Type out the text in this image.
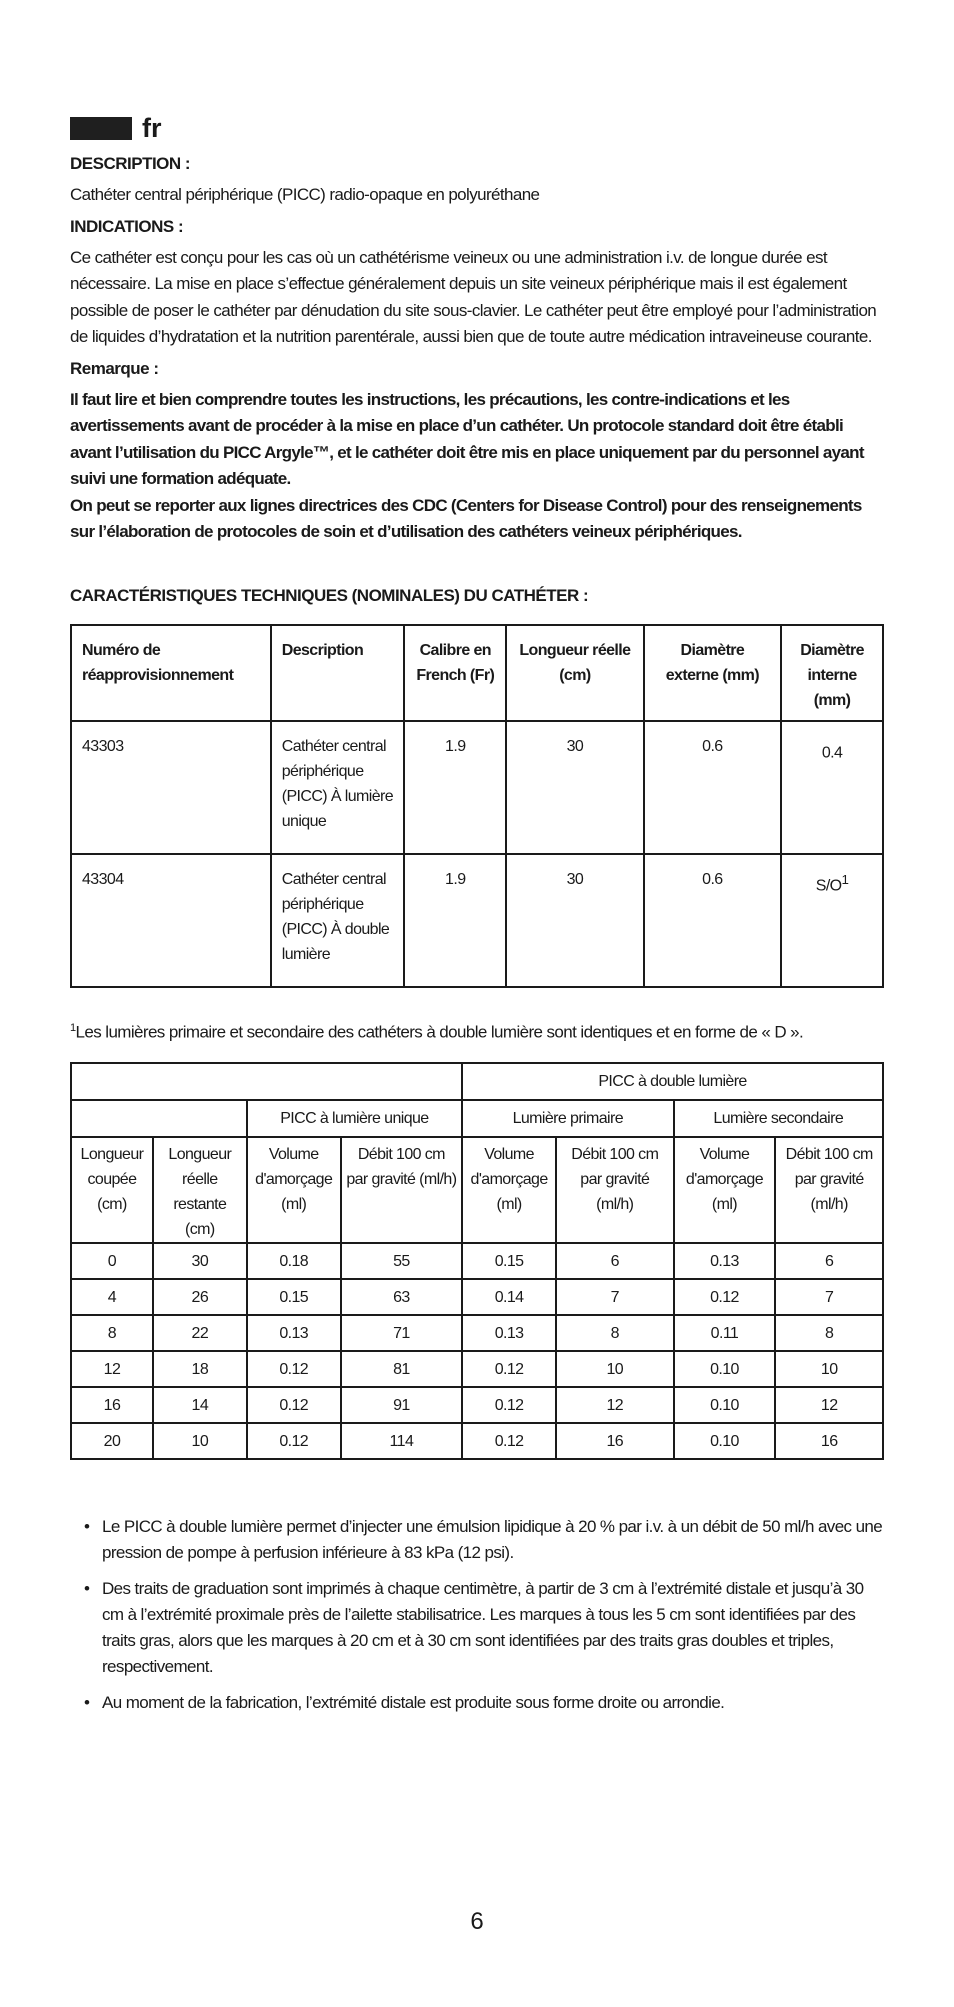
fr
DESCRIPTION :

Cathéter central périphérique (PICC) radio-opaque en polyuréthane

INDICATIONS :

Ce cathéter est conçu pour les cas où un cathétérisme veineux ou une administration i.v. de longue durée est nécessaire. La mise en place s’effectue généralement depuis un site veineux périphérique mais il est également possible de poser le cathéter par dénudation du site sous-clavier. Le cathéter peut être employé pour l’administration de liquides d’hydratation et la nutrition parentérale, aussi bien que de toute autre médication intraveineuse courante.

Remarque :

Il faut lire et bien comprendre toutes les instructions, les précautions, les contre-indications et les avertissements avant de procéder à la mise en place d’un cathéter. Un protocole standard doit être établi avant l’utilisation du PICC Argyle™, et le cathéter doit être mis en place uniquement par du personnel ayant suivi une formation adéquate.

On peut se reporter aux lignes directrices des CDC (Centers for Disease Control) pour des renseignements sur l’élaboration de protocoles de soin et d’utilisation des cathéters veineux périphériques.

CARACTÉRISTIQUES TECHNIQUES (NOMINALES) DU CATHÉTER :
Numéro de réapprovisionnement	Description	Calibre en French (Fr)	Longueur réelle (cm)	Diamètre externe (mm)	Diamètre interne (mm)
43303	Cathéter central périphérique (PICC) À lumière unique	1.9	30	0.6	0.4
43304	Cathéter central périphérique (PICC) À double lumière	1.9	30	0.6	$S/O^1$
$^1$Les lumières primaire et secondaire des cathéters à double lumière sont identiques et en forme de « D ».
				PICC à double lumière			
		PICC à lumière unique		Lumière primaire		Lumière secondaire	
Longueur coupée (cm)	Longueur réelle restante (cm)	Volume d'amorçage (ml)	Débit 100 cm par gravité (ml/h)	Volume d'amorçage (ml)	Débit 100 cm par gravité (ml/h)	Volume d'amorçage (ml)	Débit 100 cm par gravité (ml/h)
0	30	0.18	55	0.15	6	0.13	6
4	26	0.15	63	0.14	7	0.12	7
8	22	0.13	71	0.13	8	0.11	8
12	18	0.12	81	0.12	10	0.10	10
16	14	0.12	91	0.12	12	0.10	12
20	10	0.12	114	0.12	16	0.10	16
• Le PICC à double lumière permet d’injecter une émulsion lipidique à 20 % par i.v. à un débit de 50 ml/h avec une pression de pompe à perfusion inférieure à 83 kPa (12 psi).
• Des traits de graduation sont imprimés à chaque centimètre, à partir de 3 cm à l’extrémité distale et jusqu’à 30 cm à l’extrémité proximale près de l’ailette stabilisatrice. Les marques à tous les 5 cm sont identifiées par des traits gras, alors que les marques à 20 cm et à 30 cm sont identifiées par des traits gras doubles et triples, respectivement.
• Au moment de la fabrication, l’extrémité distale est produite sous forme droite ou arrondie.
6
